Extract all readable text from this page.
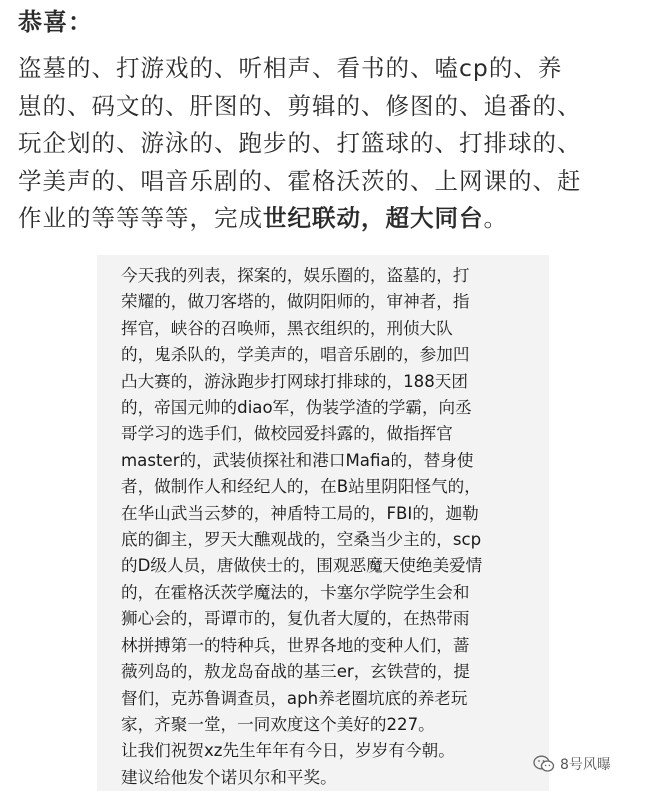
恭喜：
盗墓的、打游戏的、听相声、看书的、嗑cp的、养
崽的、码文的、肝图的、剪辑的、修图的、追番的、
玩企划的、游泳的、跑步的、打篮球的、打排球的、
学美声的、唱音乐剧的、霍格沃茨的、上网课的、赶
作业的等等等等，完成世纪联动，超大同台。
今天我的列表，探案的，娱乐圈的，盗墓的，打
荣耀的，做刀客塔的，做阴阳师的，审神者，指
挥官，峡谷的召唤师，黑衣组织的，刑侦大队
的，鬼杀队的，学美声的，唱音乐剧的，参加凹
凸大赛的，游泳跑步打网球打排球的，188天团
的，帝国元帅的diao军，伪装学渣的学霸，向丞
哥学习的选手们，做校园爱抖露的，做指挥官
master的，武装侦探社和港口Mafia的，替身使
者，做制作人和经纪人的，在B站里阴阳怪气的，
在华山武当云梦的，神盾特工局的，FBI的，迦勒
底的御主，罗天大醮观战的，空桑当少主的，scp
的D级人员，唐做侠士的，围观恶魔天使绝美爱情
的，在霍格沃茨学魔法的，卡塞尔学院学生会和
狮心会的，哥谭市的，复仇者大厦的，在热带雨
林拼搏第一的特种兵，世界各地的变种人们，蔷
薇列岛的，敖龙岛奋战的基三er，玄铁营的，提
督们，克苏鲁调查员，aph养老圈坑底的养老玩
家，齐聚一堂，一同欢度这个美好的227。
让我们祝贺xz先生年年有今日，岁岁有今朝。
建议给他发个诺贝尔和平奖。
8号风曝
